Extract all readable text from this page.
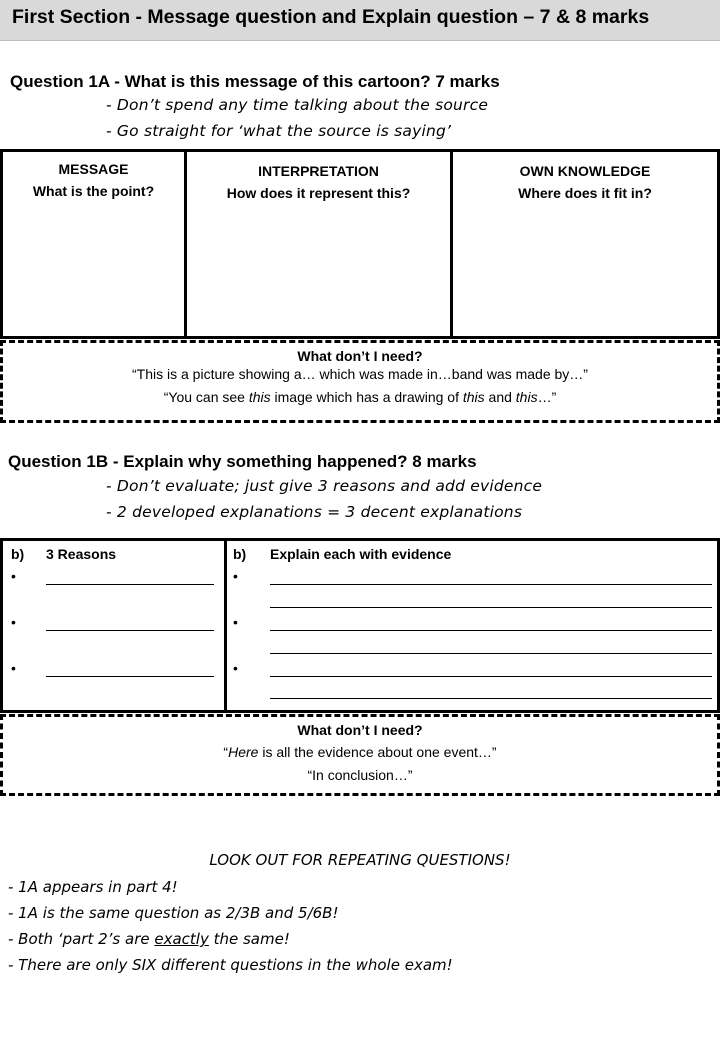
First Section - Message question and Explain question – 7 & 8 marks
Question 1A - What is this message of this cartoon? 7 marks
- Don’t spend any time talking about the source
- Go straight for ‘what the source is saying’
MESSAGE
What is the point?
INTERPRETATION
How does it represent this?
OWN KNOWLEDGE
Where does it fit in?
What don’t I need?
“This is a picture showing a… which was made in…band was made by…”
“You can see this image which has a drawing of this and this…”
Question 1B - Explain why something happened? 8 marks
- Don’t evaluate; just give 3 reasons and add evidence
- 2 developed explanations = 3 decent explanations
b) 3 Reasons	b) Explain each with evidence
•
•
•
•
•
•
What don’t I need?
“Here is all the evidence about one event…”
“In conclusion…”
LOOK OUT FOR REPEATING QUESTIONS!
- 1A appears in part 4!
- 1A is the same question as 2/3B and 5/6B!
- Both ‘part 2’s are exactly the same!
- There are only SIX different questions in the whole exam!
